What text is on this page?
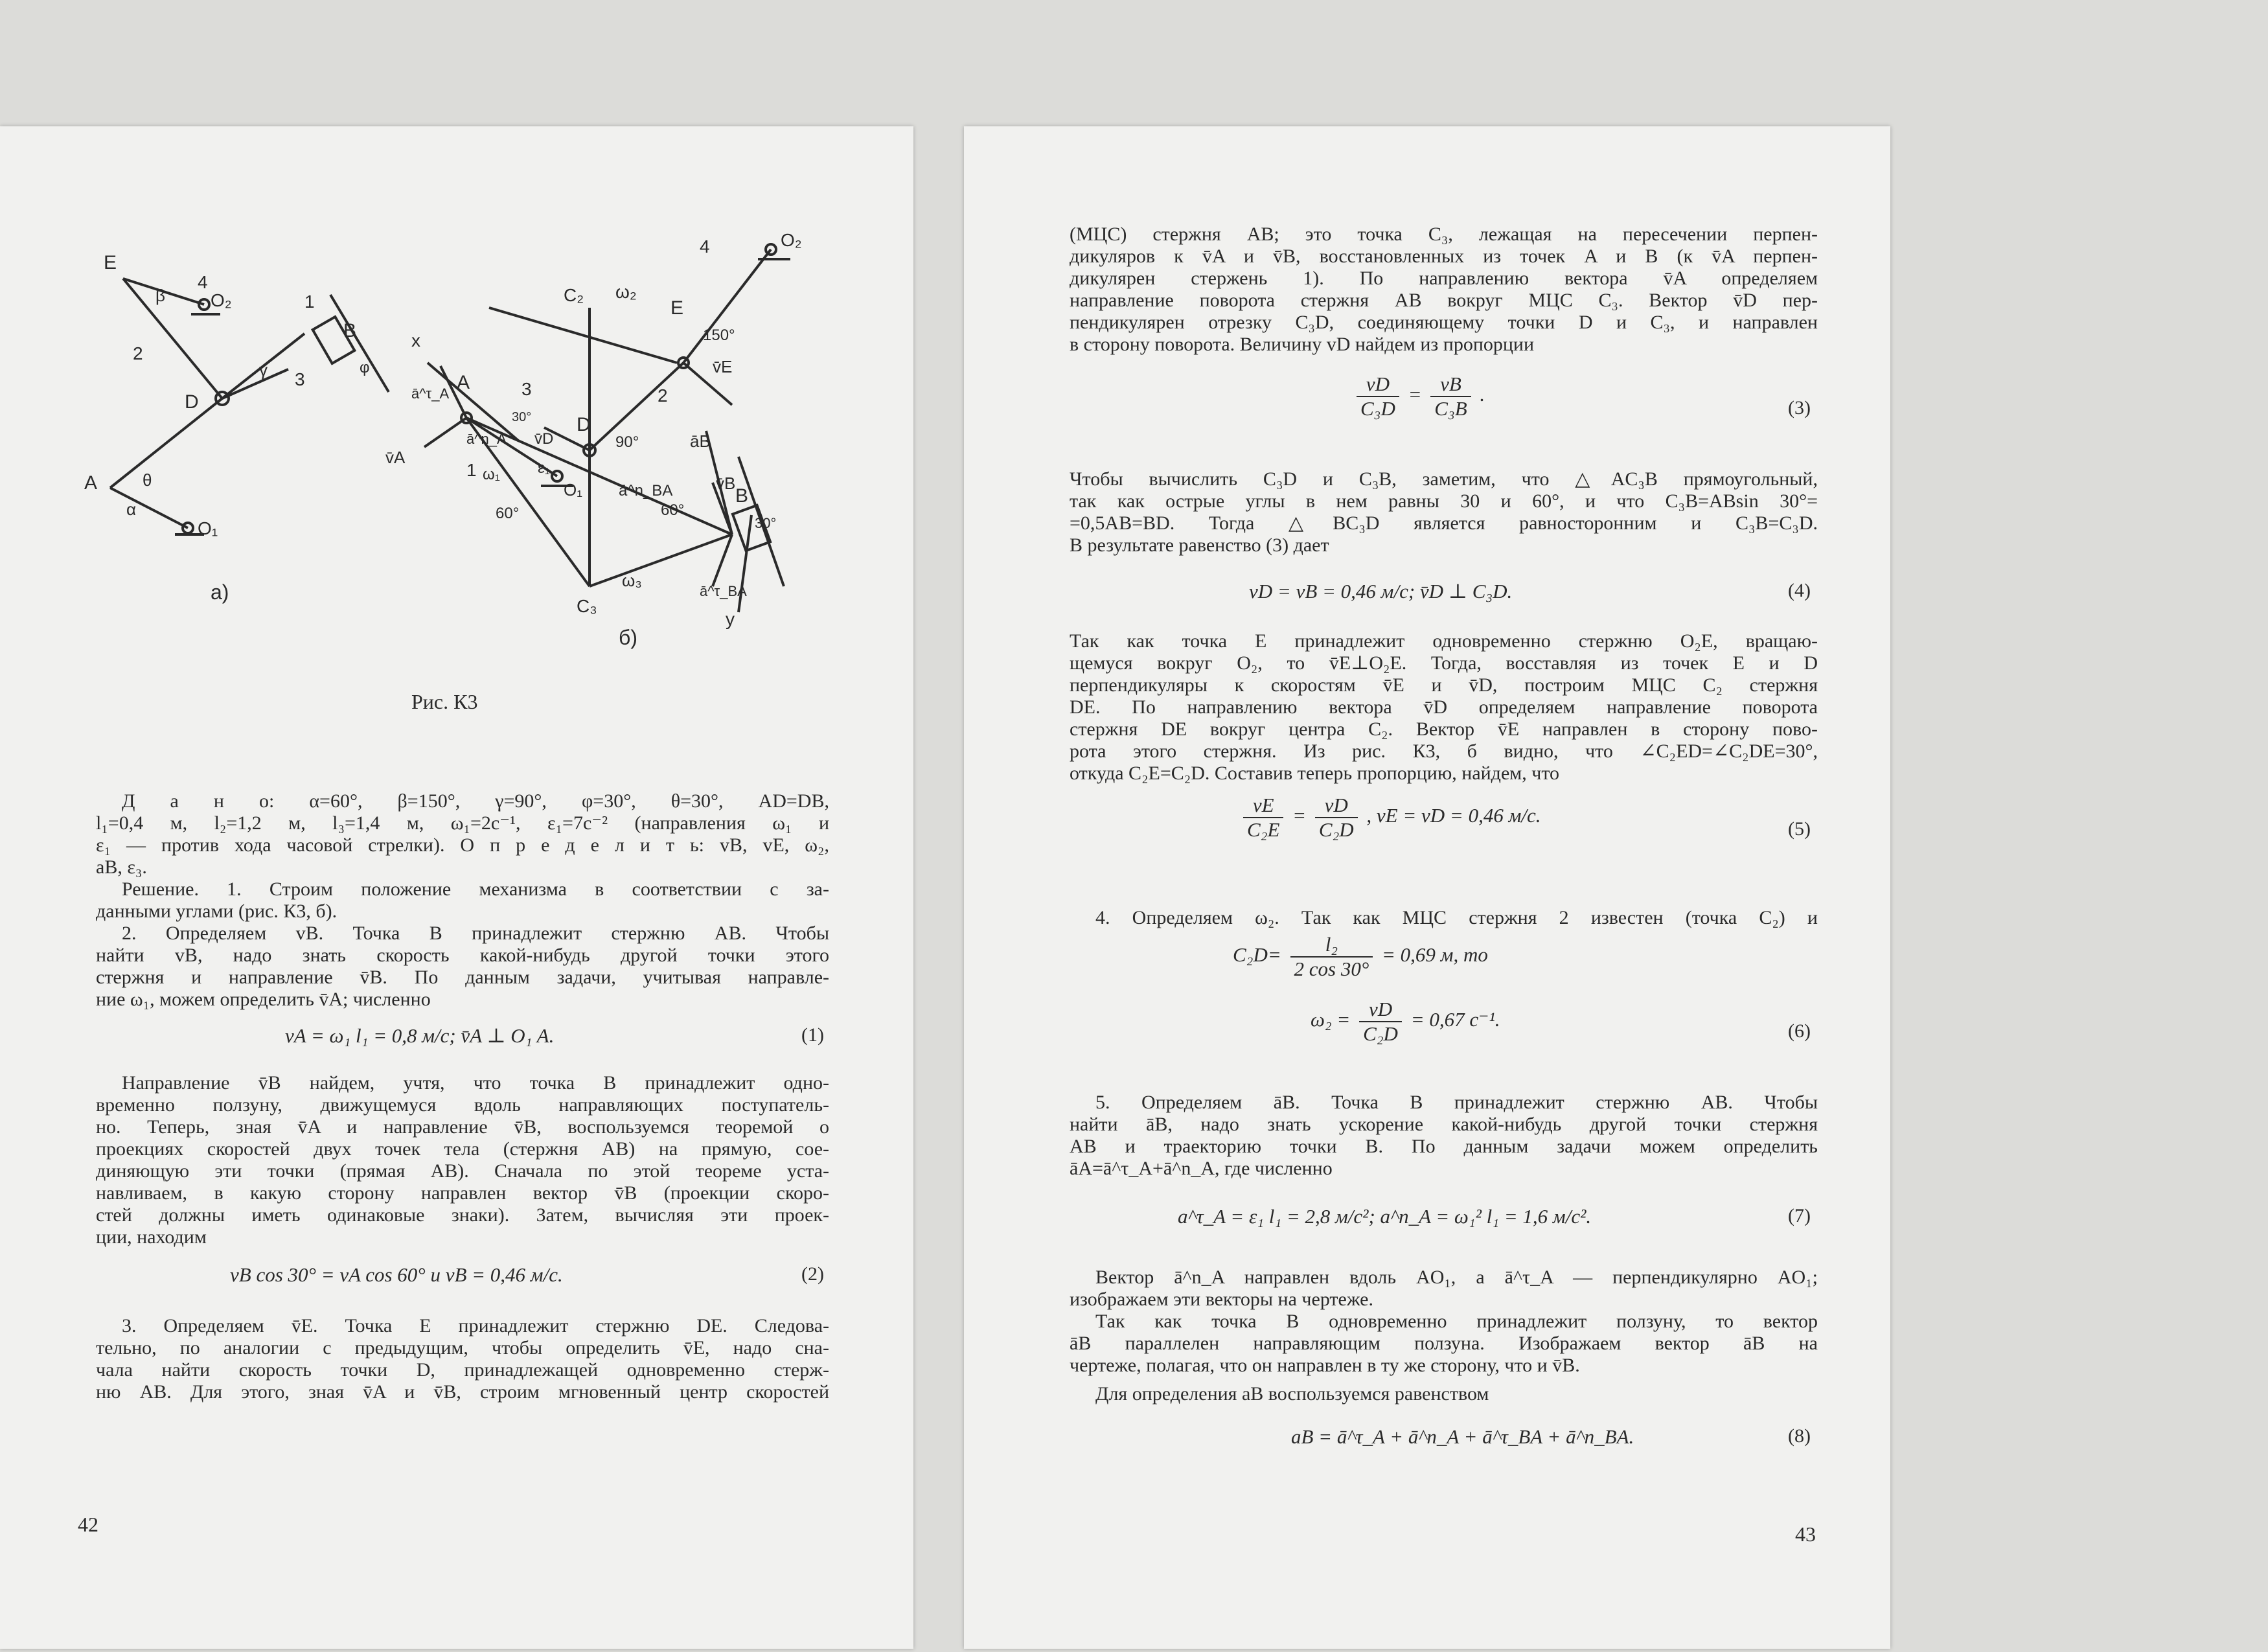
E
4
O₂
β	1
B
2
γ 3
D
φ
A	θ
α
O₁
а)
O₂
4
E
150°
C₂ ω₂
v̄E
x
A
ā^τ_A
v̄A
ā^n_A
30°
v̄D
3
D
90°
2
āB
v̄B
1 ω₁ ε₁
O₁ ā^n_BA
60°	60°
B
30°
C₃
ω₃
ā^τ_BA
y
б)
Рис. К3
Д а н о: α=60°, β=150°, γ=90°, φ=30°, θ=30°, AD=DB,
l₁=0,4 м, l₂=1,2 м, l₃=1,4 м, ω₁=2с⁻¹, ε₁=7с⁻² (направления ω₁ и
ε₁ — против хода часовой стрелки). О п р е д е л и т ь: vB, vE, ω₂,
aB, ε₃.
Решение. 1. Строим положение механизма в соответствии с за-
данными углами (рис. К3, б).
2. Определяем vB. Точка B принадлежит стержню AB. Чтобы
найти vB, надо знать скорость какой-нибудь другой точки этого
стержня и направление v̄B. По данным задачи, учитывая направле-
ние ω₁, можем определить v̄A; численно
vA = ω₁ l₁ = 0,8 м/с; v̄A ⊥ O₁ A.	(1)
Направление v̄B найдем, учтя, что точка B принадлежит одно-
временно ползуну, движущемуся вдоль направляющих поступатель-
но. Теперь, зная v̄A и направление v̄B, воспользуемся теоремой о
проекциях скоростей двух точек тела (стержня AB) на прямую, сое-
диняющую эти точки (прямая AB). Сначала по этой теореме уста-
навливаем, в какую сторону направлен вектор v̄B (проекции скоро-
стей должны иметь одинаковые знаки). Затем, вычисляя эти проек-
ции, находим
vB cos 30° = vA cos 60° и vB = 0,46 м/с.	(2)
3. Определяем v̄E. Точка E принадлежит стержню DE. Следова-
тельно, по аналогии с предыдущим, чтобы определить v̄E, надо сна-
чала найти скорость точки D, принадлежащей одновременно стерж-
ню AB. Для этого, зная v̄A и v̄B, строим мгновенный центр скоростей
42
(МЦС) стержня AB; это точка C₃, лежащая на пересечении перпен-
дикуляров к v̄A и v̄B, восстановленных из точек A и B (к v̄A перпен-
дикулярен стержень 1). По направлению вектора v̄A определяем
направление поворота стержня AB вокруг МЦС C₃. Вектор v̄D пер-
пендикулярен отрезку C₃D, соединяющему точки D и C₃, и направлен
в сторону поворота. Величину vD найдем из пропорции
$\frac{vD}{\text{C₃D}} = \frac{vB}{\text{C₃B}}$ .
(3)
Чтобы вычислить C₃D и C₃B, заметим, что △AC₃B прямоугольный,
так как острые углы в нем равны 30 и 60°, и что C₃B=ABsin 30°=
=0,5AB=BD. Тогда △BC₃D является равносторонним и C₃B=C₃D.
В результате равенство (3) дает
vD = vB = 0,46 м/с; v̄D ⊥ C₃D.	(4)
Так как точка E принадлежит одновременно стержню O₂E, вращаю-
щемуся вокруг O₂, то v̄E⊥O₂E. Тогда, восставляя из точек E и D
перпендикуляры к скоростям v̄E и v̄D, построим МЦС C₂ стержня
DE. По направлению вектора v̄D определяем направление поворота
стержня DE вокруг центра C₂. Вектор v̄E направлен в сторону пово-
рота этого стержня. Из рис. К3, б видно, что ∠C₂ED=∠C₂DE=30°,
откуда C₂E=C₂D. Составив теперь пропорцию, найдем, что
$\frac{vE}{\text{C₂E}} = \frac{vD}{\text{C₂D}}$ , vE = vD = 0,46 м/с.
(5)
4. Определяем ω₂. Так как МЦС стержня 2 известен (точка C₂) и
$C_2D= \frac{\text{l₂}}{2 \cos 30^\circ} = 0,69$ м, то
$\omega_2 = \frac{vD}{\text{C₂D}} = 0,67$ с⁻¹.
(6)
5. Определяем āB. Точка B принадлежит стержню AB. Чтобы
найти āB, надо знать ускорение какой-нибудь другой точки стержня
AB и траекторию точки B. По данным задачи можем определить
āA=ā^τ_A+ā^n_A, где численно
a^τ_A = ε₁ l₁ = 2,8 м/с²; a^n_A = ω₁² l₁ = 1,6 м/с².	(7)
Вектор ā^n_A направлен вдоль AO₁, а ā^τ_A — перпендикулярно AO₁;
изображаем эти векторы на чертеже.
Так как точка B одновременно принадлежит ползуну, то вектор
āB параллелен направляющим ползуна. Изображаем вектор āB на
чертеже, полагая, что он направлен в ту же сторону, что и v̄B.
Для определения aB воспользуемся равенством
aB = ā^τ_A + ā^n_A + ā^τ_BA + ā^n_BA.	(8)
43
